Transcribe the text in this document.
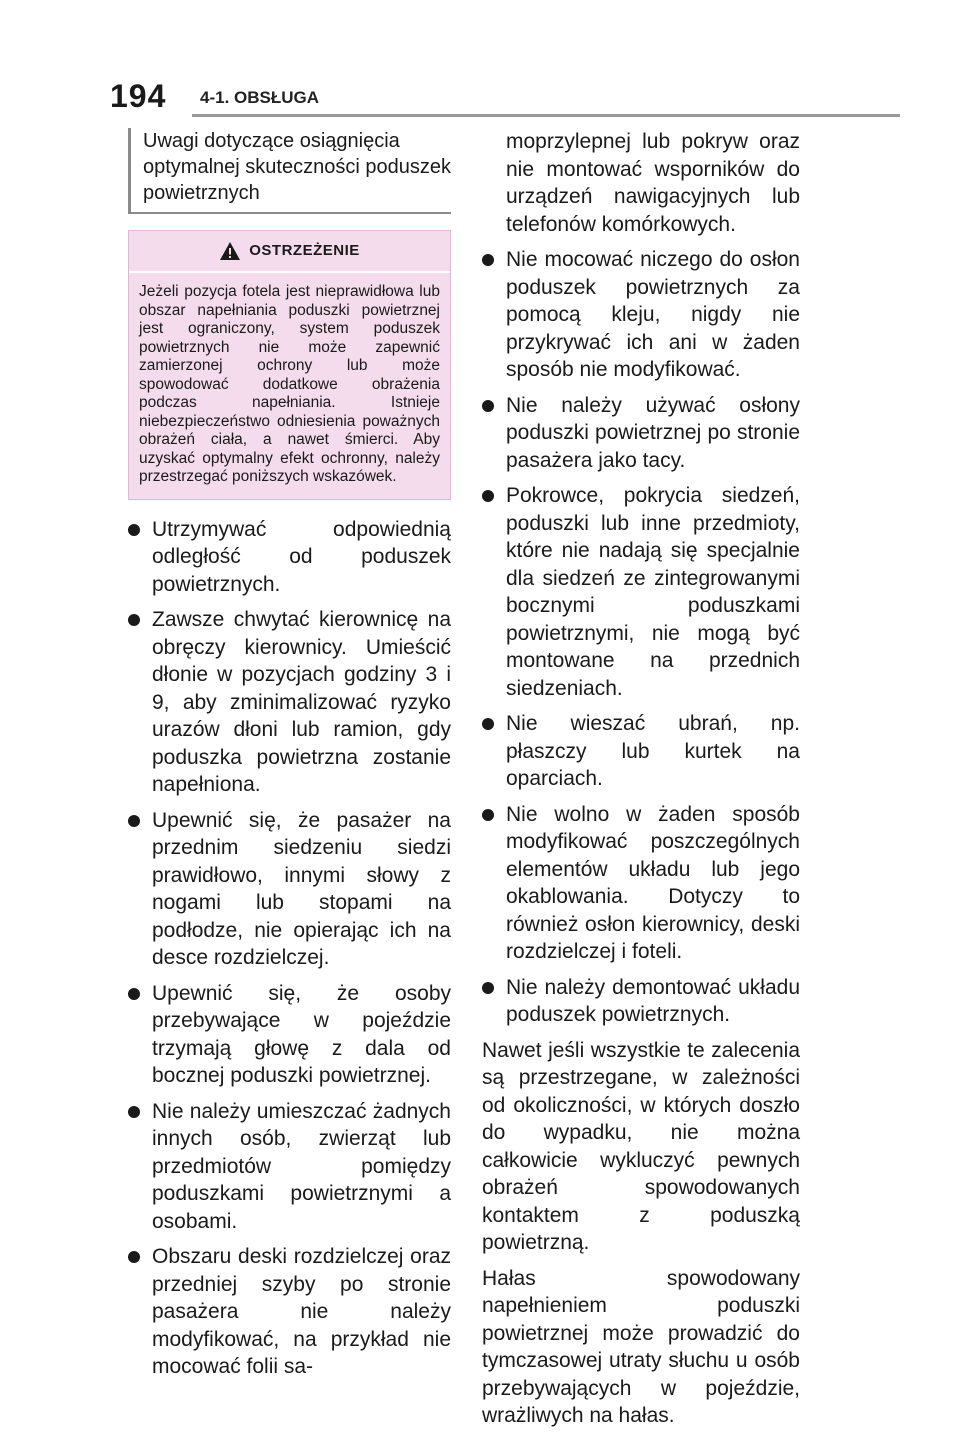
194 4-1. OBSŁUGA
Uwagi dotyczące osiągnięcia optymalnej skuteczności poduszek powietrznych
OSTRZEŻENIE
Jeżeli pozycja fotela jest nieprawidłowa lub obszar napełniania poduszki powietrznej jest ograniczony, system poduszek powietrznych nie może zapewnić zamierzonej ochrony lub może spowodować dodatkowe obrażenia podczas napełniania. Istnieje niebezpieczeństwo odniesienia poważnych obrażeń ciała, a nawet śmierci. Aby uzyskać optymalny efekt ochronny, należy przestrzegać poniższych wskazówek.
Utrzymywać odpowiednią odległość od poduszek powietrznych.
Zawsze chwytać kierownicę na obręczy kierownicy. Umieścić dłonie w pozycjach godziny 3 i 9, aby zminimalizować ryzyko urazów dłoni lub ramion, gdy poduszka powietrzna zostanie napełniona.
Upewnić się, że pasażer na przednim siedzeniu siedzi prawidłowo, innymi słowy z nogami lub stopami na podłodze, nie opierając ich na desce rozdzielczej.
Upewnić się, że osoby przebywające w pojeździe trzymają głowę z dala od bocznej poduszki powietrznej.
Nie należy umieszczać żadnych innych osób, zwierząt lub przedmiotów pomiędzy poduszkami powietrznymi a osobami.
Obszaru deski rozdzielczej oraz przedniej szyby po stronie pasażera nie należy modyfikować, na przykład nie mocować folii sa-
moprzylepnej lub pokryw oraz nie montować wsporników do urządzeń nawigacyjnych lub telefonów komórkowych.
Nie mocować niczego do osłon poduszek powietrznych za pomocą kleju, nigdy nie przykrywać ich ani w żaden sposób nie modyfikować.
Nie należy używać osłony poduszki powietrznej po stronie pasażera jako tacy.
Pokrowce, pokrycia siedzeń, poduszki lub inne przedmioty, które nie nadają się specjalnie dla siedzeń ze zintegrowanymi bocznymi poduszkami powietrznymi, nie mogą być montowane na przednich siedzeniach.
Nie wieszać ubrań, np. płaszczy lub kurtek na oparciach.
Nie wolno w żaden sposób modyfikować poszczególnych elementów układu lub jego okablowania. Dotyczy to również osłon kierownicy, deski rozdzielczej i foteli.
Nie należy demontować układu poduszek powietrznych.
Nawet jeśli wszystkie te zalecenia są przestrzegane, w zależności od okoliczności, w których doszło do wypadku, nie można całkowicie wykluczyć pewnych obrażeń spowodowanych kontaktem z poduszką powietrzną.
Hałas spowodowany napełnieniem poduszki powietrznej może prowadzić do tymczasowej utraty słuchu u osób przebywających w pojeździe, wrażliwych na hałas.
